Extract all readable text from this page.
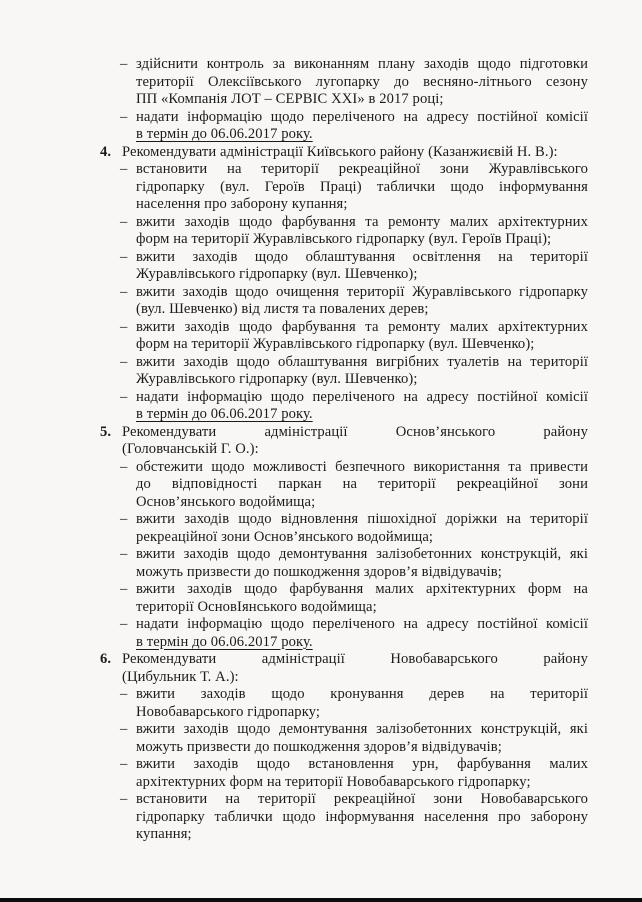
– здійснити контроль за виконанням плану заходів щодо підготовки
території Олексіївського лугопарку до весняно-літнього сезону
ПП «Компанія ЛОТ – СЕРВІС ХХІ» в 2017 році;
– надати інформацію щодо переліченого на адресу постійної комісії
в термін до 06.06.2017 року.
4. Рекомендувати адміністрації Київського району (Казанжиєвій Н. В.):
– встановити на території рекреаційної зони Журавлівського
гідропарку (вул. Героїв Праці) таблички щодо інформування
населення про заборону купання;
– вжити заходів щодо фарбування та ремонту малих архітектурних
форм на території Журавлівського гідропарку (вул. Героїв Праці);
– вжити заходів щодо облаштування освітлення на території
Журавлівського гідропарку (вул. Шевченко);
– вжити заходів щодо очищення території Журавлівського гідропарку
(вул. Шевченко) від листя та повалених дерев;
– вжити заходів щодо фарбування та ремонту малих архітектурних
форм на території Журавлівського гідропарку (вул. Шевченко);
– вжити заходів щодо облаштування вигрібних туалетів на території
Журавлівського гідропарку (вул. Шевченко);
– надати інформацію щодо переліченого на адресу постійної комісії
в термін до 06.06.2017 року.
5. Рекомендувати адміністрації Основ’янського району
(Головчанській Г. О.):
– обстежити щодо можливості безпечного використання та привести
до відповідності паркан на території рекреаційної зони
Основ’янського водоймища;
– вжити заходів щодо відновлення пішохідної доріжки на території
рекреаційної зони Основ’янського водоймища;
– вжити заходів щодо демонтування залізобетонних конструкцій, які
можуть призвести до пошкодження здоров’я відвідувачів;
– вжити заходів щодо фарбування малих архітектурних форм на
території ОсновІянського водоймища;
– надати інформацію щодо переліченого на адресу постійної комісії
в термін до 06.06.2017 року.
6. Рекомендувати адміністрації Новобаварського району
(Цибульник Т. А.):
– вжити заходів щодо кронування дерев на території
Новобаварського гідропарку;
– вжити заходів щодо демонтування залізобетонних конструкцій, які
можуть призвести до пошкодження здоров’я відвідувачів;
– вжити заходів щодо встановлення урн, фарбування малих
архітектурних форм на території Новобаварського гідропарку;
– встановити на території рекреаційної зони Новобаварського
гідропарку таблички щодо інформування населення про заборону
купання;
